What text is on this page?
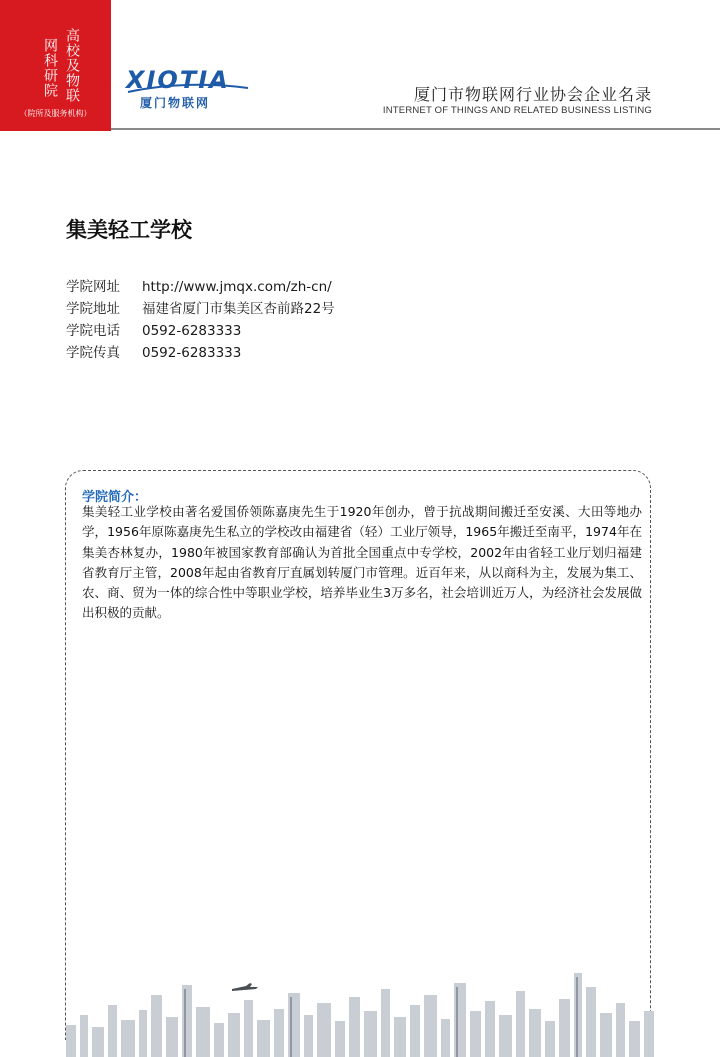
高校及物联
网科研院
（院所及服务机构）
XIOTIA
厦门物联网	厦门市物联网行业协会企业名录
INTERNET OF THINGS AND RELATED BUSINESS LISTING
集美轻工学校
学院网址	http://www.jmqx.com/zh-cn/
学院地址	福建省厦门市集美区杏前路22号
学院电话	0592-6283333
学院传真	0592-6283333
学院简介：
集美轻工业学校由著名爱国侨领陈嘉庚先生于1920年创办，曾于抗战期间搬迁至安溪、大田等地办学，1956年原陈嘉庚先生私立的学校改由福建省（轻）工业厅领导，1965年搬迁至南平，1974年在集美杏林复办，1980年被国家教育部确认为首批全国重点中专学校，2002年由省轻工业厅划归福建省教育厅主管，2008年起由省教育厅直属划转厦门市管理。近百年来，从以商科为主，发展为集工、农、商、贸为一体的综合性中等职业学校，培养毕业生3万多名，社会培训近万人，为经济社会发展做出积极的贡献。
